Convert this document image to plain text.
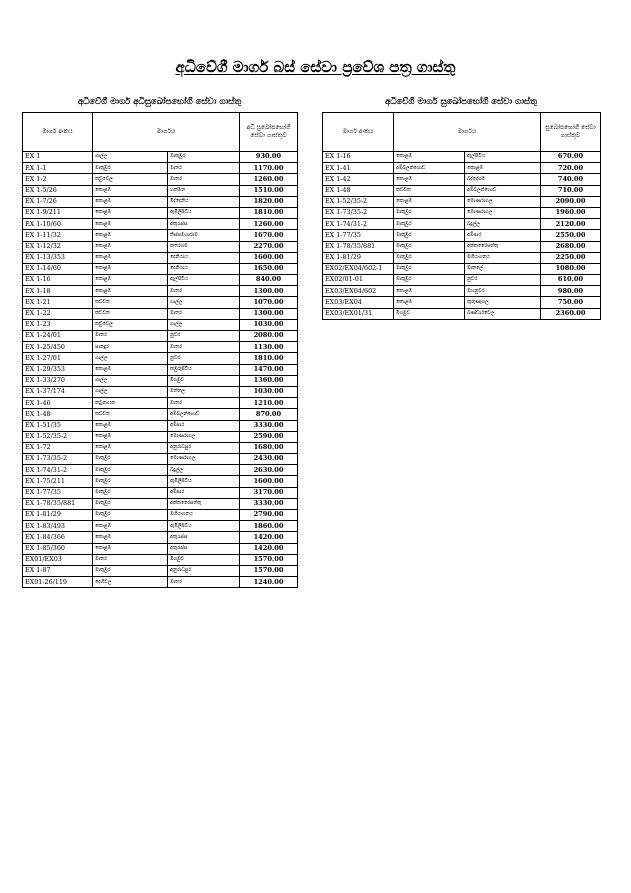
අධිවේගී මාර්ග බස් සේවා ප්‍රවේශ පත්‍ර ගාස්තු
අධිවේගී මාර්ග අධිසුඛෝපභෝගී සේවා ගාස්තු	අධිවේගී මාර්ග සුඛෝපභෝගී සේවා ගාස්තු
මාර්ග අංකය	මාර්ගය		අධි සුඛෝපභෝගී සේවා ගාස්තුව
EX 1	ගාල්ල	මාකුඹුර	930.00
EX 1-1	මාකුඹුර	මාතර	1170.00
EX 1-2	කඩුවෙල	මාතර	1260.00
EX 1-5/26	කොළඹ	හක්මන	1510.00
EX 1-7/26	කොළඹ	මිද්දෙනිය	1820.00
EX 1-9/211	කොළඹ	ඇඹිලිපිටිය	1810.00
EX 1-10/60	කොළඹ	අකුරැස්ස	1260.00
EX 1-11/32	කොළඹ	තිස්සමහාරාම	1670.00
EX 1-12/32	කොළඹ	කතරගම	2270.00
EX 1-13/353	කොළඹ	දෙනියාය	1600.00
EX 1-14/60	කොළඹ	දෙනියාය	1650.00
EX 1-16	කොළඹ	ඇල්පිටිය	840.00
EX 1-18	කොළඹ	මාතර	1300.00
EX 1-21	කඩවත	ගාල්ල	1070.00
EX 1-22	කඩවත	මාතර	1300.00
EX 1-23	කඩුවෙල	ගාල්ල	1030.00
EX 1-24/01	මාතර	නුවර	2080.00
EX 1-25/450	පානදුර	මාතර	1130.00
EX 1-27/01	ගාල්ල	නුවර	1810.00
EX 1-29/353	කොළඹ	කඹුරුපිටිය	1470.00
EX 1-33/270	ගාල්ල	මීගමුව	1360.00
EX 1-37/174	ගාල්ල	මත්තල	1030.00
EX 1-46	කටුනායක	මාතර	1210.00
EX 1-48	කඩවත	අම්බලන්ගොඩ	870.00
EX 1-51/35	කොළඹ	අම්පාර	3330.00
EX 1-52/35-2	කොළඹ	මොණරාගල	2590.00
EX 1-72	කොළඹ	අනුරාධපුර	1680.00
EX 1-73/35-2	මාකුඹුර	මොණරාගල	2430.00
EX 1-74/31-2	මාකුඹුර	බදුල්ල	2630.00
EX 1-75/211	මාකුඹුර	ඇඹිලිපිටිය	1600.00
EX 1-77/35	මාකුඹුර	අම්පාර	3170.00
EX 1-78/35/881	මාකුඹුර	අක්කරෛපත්තු	3330.00
EX 1-81/29	මාකුඹුර	මහියංගනය	2790.00
EX 1-83/493	කොළඹ	ඇඹිලිපිටිය	1860.00
EX 1-84/366	කොළඹ	අකුරැස්ස	1420.00
EX 1-85/360	කොළඹ	අකුරැස්ස	1420.00
EX01/EX03	මාතර	මීගමුව	1570.00
EX 1-87	මාකුඹුර	අනුරාධපුර	1570.00
EX01-26/119	දෙහිවල	මාතර	1240.00
මාර්ග අංකය	මාර්ගය		සුඛෝපභෝගී සේවා ගාස්තුව
EX 1-16	කොළඹ	ඇල්පිටිය	670.00
EX 1-41	අම්බලන්ගොඩ	කොළඹ	720.00
EX 1-42	කොළඹ	බද්දේගම	740.00
EX 1-48	කඩවත	අම්බලන්ගොඩ	710.00
EX 1-52/35-2	කොළඹ	මොණරාගල	2090.00
EX 1-73/35-2	මාකුඹුර	මොණරාගල	1960.00
EX 1-74/31-2	මාකුඹුර	බදුල්ල	2120.00
EX 1-77/35	මාකුඹුර	අම්පාර	2550.00
EX 1-78/35/881	මාකුඹුර	අක්කරෛපත්තු	2680.00
EX 1-81/29	මාකුඹුර	මහියංගනය	2250.00
EX02/EX04/602-1	මාකුඹුර	මාතලේ	1080.00
EX02/01-01	මාකුඹුර	නුවර	610.00
EX03/EX04/602	කොළඹ	මහනුවර	980.00
EX03/EX04	කොළඹ	කුරුණෑගල	750.00
EX03/EX01/31	මීගමුව	බණ්ඩාරවෙල	2360.00
